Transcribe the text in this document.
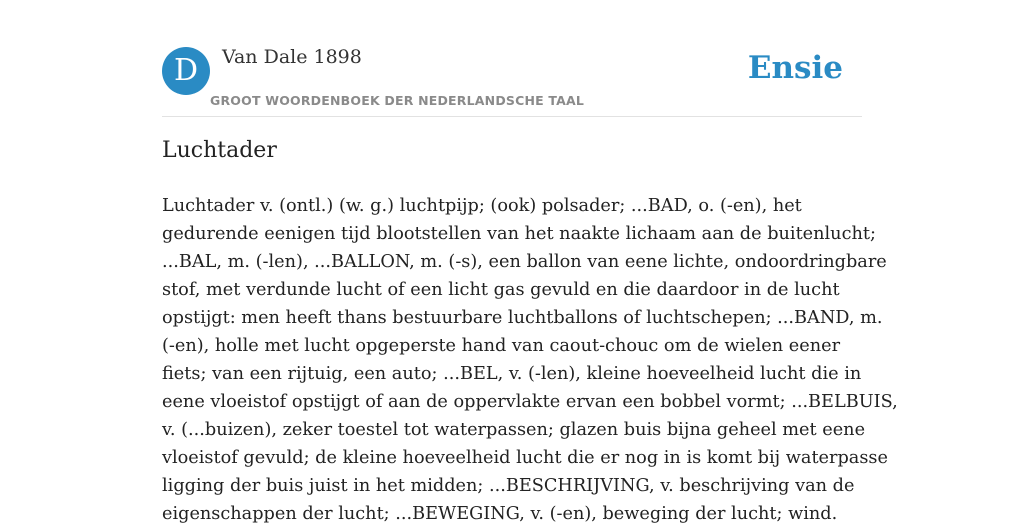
D	Van Dale 1898
GROOT WOORDENBOEK DER NEDERLANDSCHE TAAL
Ensie
Luchtader
Luchtader v. (ontl.) (w. g.) luchtpijp; (ook) polsader; ...BAD, o. (-en), het
gedurende eenigen tijd blootstellen van het naakte lichaam aan de buitenlucht;
...BAL, m. (-len), ...BALLON, m. (-s), een ballon van eene lichte, ondoordringbare
stof, met verdunde lucht of een licht gas gevuld en die daardoor in de lucht
opstijgt: men heeft thans bestuurbare luchtballons of luchtschepen; ...BAND, m.
(-en), holle met lucht opgeperste hand van caout-chouc om de wielen eener
fiets; van een rijtuig, een auto; ...BEL, v. (-len), kleine hoeveelheid lucht die in
eene vloeistof opstijgt of aan de oppervlakte ervan een bobbel vormt; ...BELBUIS,
v. (...buizen), zeker toestel tot waterpassen; glazen buis bijna geheel met eene
vloeistof gevuld; de kleine hoeveelheid lucht die er nog in is komt bij waterpasse
ligging der buis juist in het midden; ...BESCHRIJVING, v. beschrijving van de
eigenschappen der lucht; ...BEWEGING, v. (-en), beweging der lucht; wind.
